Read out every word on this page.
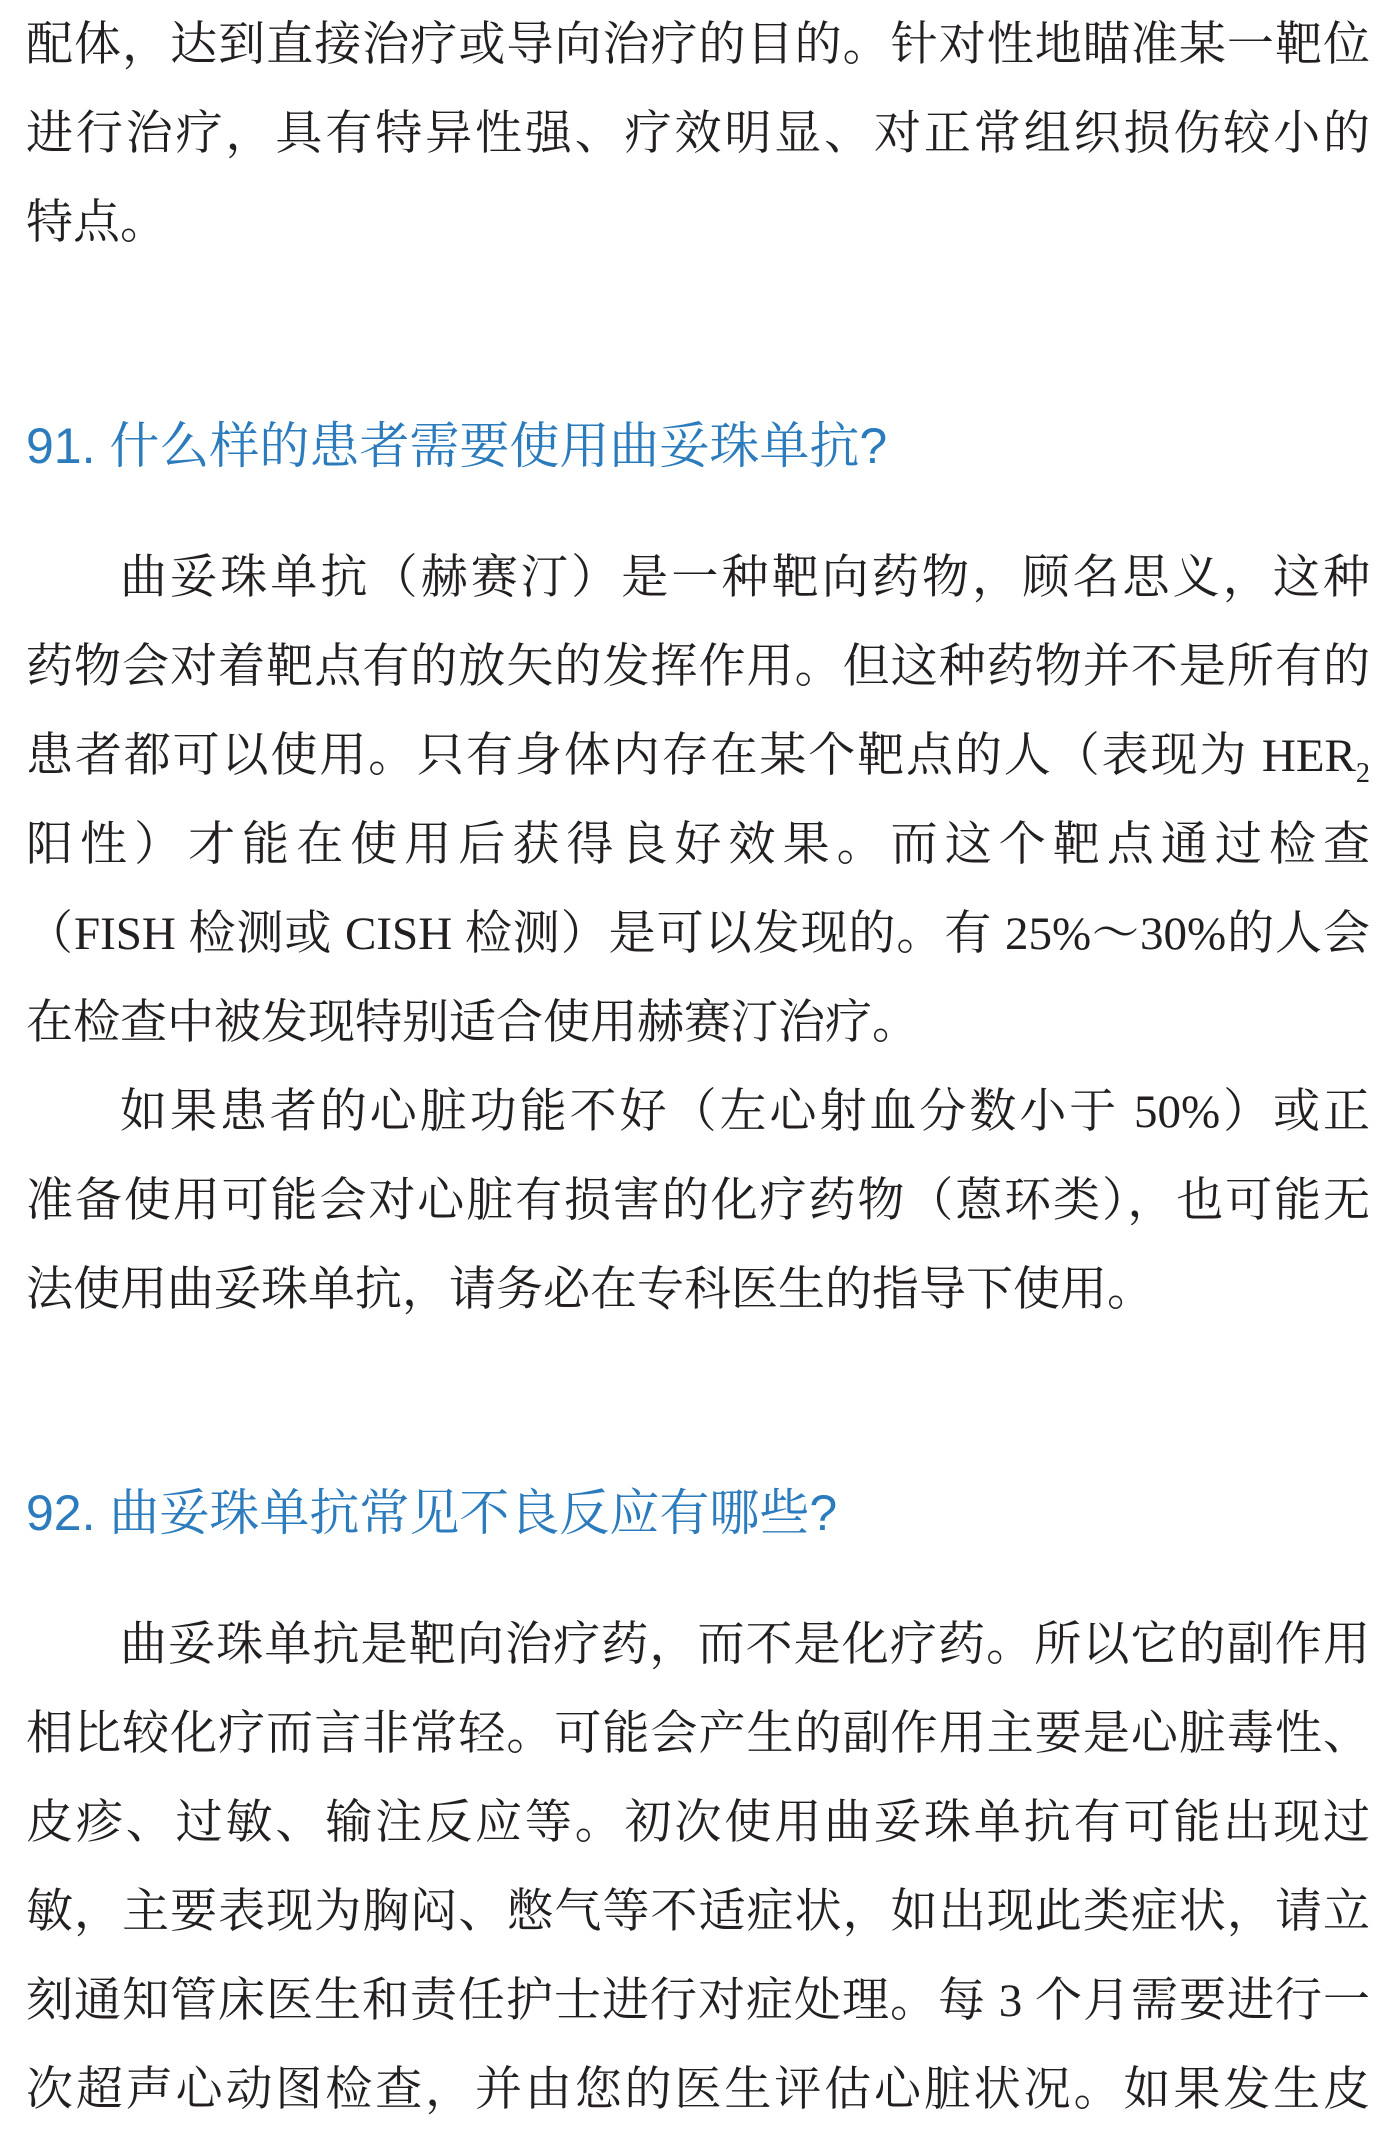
配体，达到直接治疗或导向治疗的目的。针对性地瞄准某一靶位
进行治疗，具有特异性强、疗效明显、对正常组织损伤较小的
特点。
91. 什么样的患者需要使用曲妥珠单抗?
曲妥珠单抗（赫赛汀）是一种靶向药物，顾名思义，这种
药物会对着靶点有的放矢的发挥作用。但这种药物并不是所有的
患者都可以使用。只有身体内存在某个靶点的人（表现为 $HER_2$
阳性）才能在使用后获得良好效果。而这个靶点通过检查
（FISH 检测或 CISH 检测）是可以发现的。有 25%～30%的人会
在检查中被发现特别适合使用赫赛汀治疗。
如果患者的心脏功能不好（左心射血分数小于 50%）或正
准备使用可能会对心脏有损害的化疗药物（蒽环类），也可能无
法使用曲妥珠单抗，请务必在专科医生的指导下使用。
92. 曲妥珠单抗常见不良反应有哪些?
曲妥珠单抗是靶向治疗药，而不是化疗药。所以它的副作用
相比较化疗而言非常轻。可能会产生的副作用主要是心脏毒性、
皮疹、过敏、输注反应等。初次使用曲妥珠单抗有可能出现过
敏，主要表现为胸闷、憋气等不适症状，如出现此类症状，请立
刻通知管床医生和责任护士进行对症处理。每 3 个月需要进行一
次超声心动图检查，并由您的医生评估心脏状况。如果发生皮
